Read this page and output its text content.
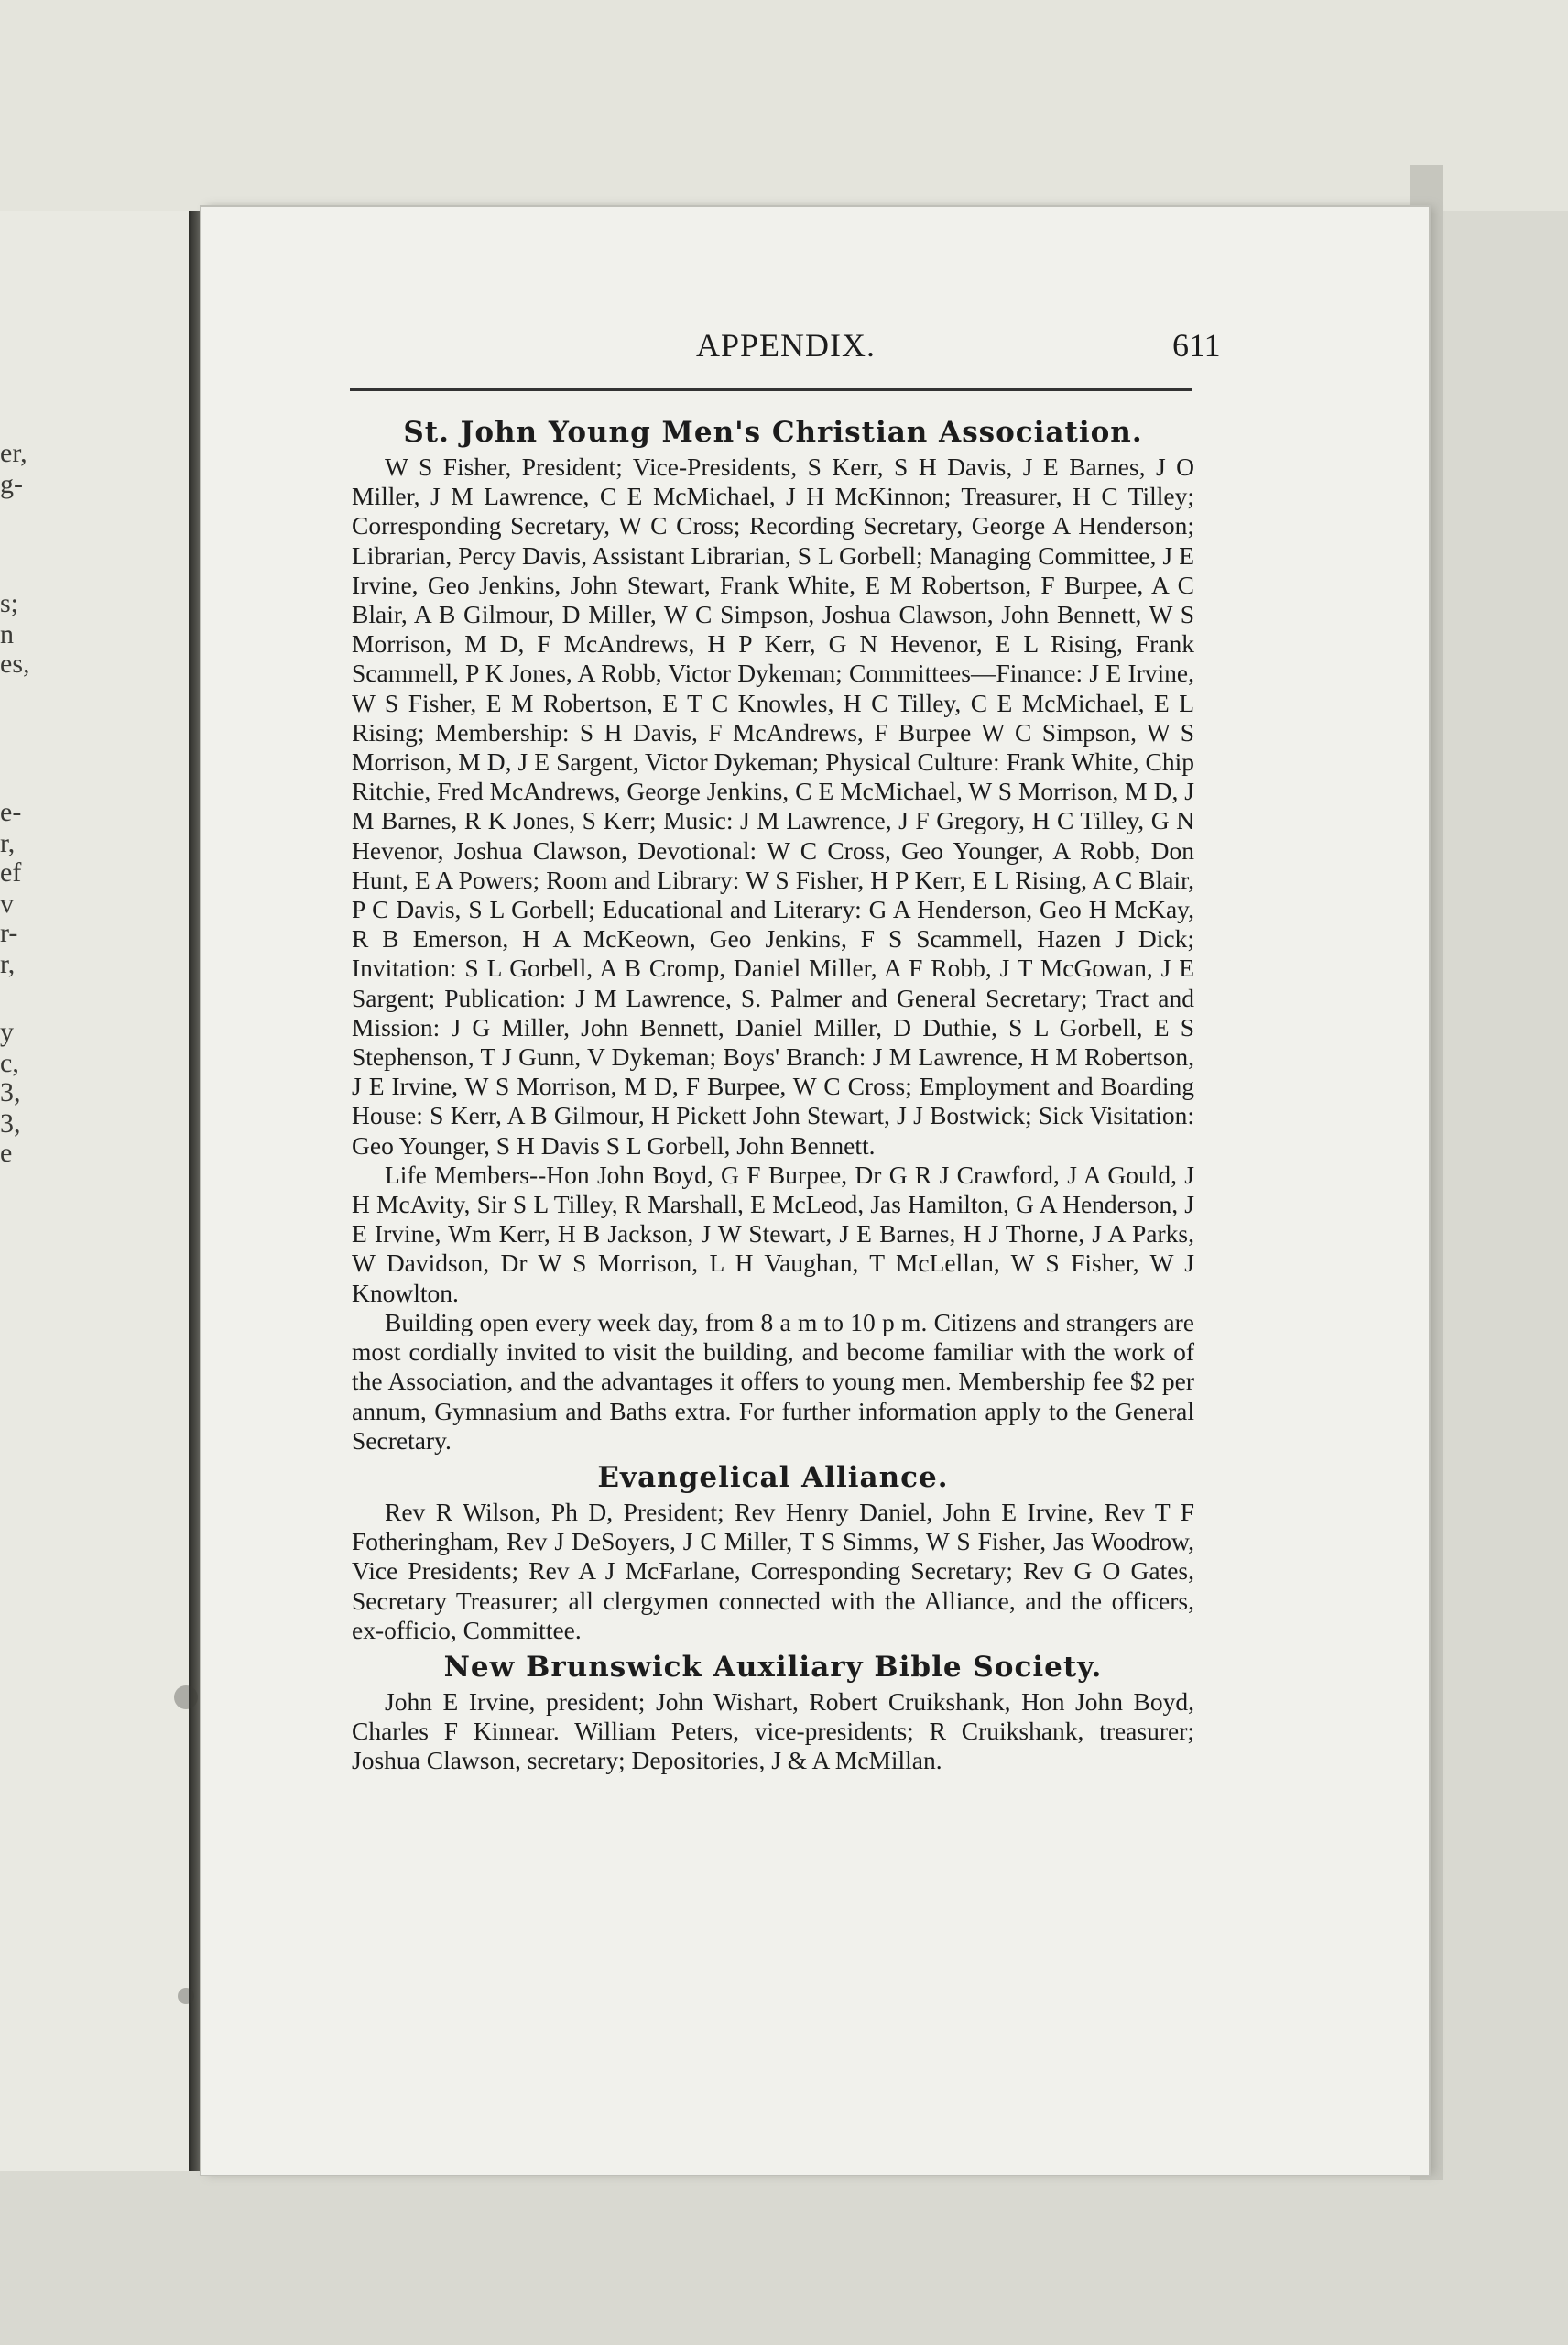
er,
g-
s;
n
es,
e-
r,
ef
v
r-
r,
y
c,
3,
3,
e
APPENDIX.	611
St. John Young Men's Christian Association.

W S Fisher, President; Vice-Presidents, S Kerr, S H Davis, J E Barnes, J O Miller, J M Lawrence, C E McMichael, J H McKinnon; Treasurer, H C Tilley; Corresponding Secretary, W C Cross; Recording Secretary, George A Henderson; Librarian, Percy Davis, Assistant Librarian, S L Gorbell; Managing Committee, J E Irvine, Geo Jenkins, John Stewart, Frank White, E M Robertson, F Burpee, A C Blair, A B Gilmour, D Miller, W C Simpson, Joshua Clawson, John Bennett, W S Morrison, M D, F McAndrews, H P Kerr, G N Hevenor, E L Rising, Frank Scammell, P K Jones, A Robb, Victor Dykeman; Committees—Finance: J E Irvine, W S Fisher, E M Robertson, E T C Knowles, H C Tilley, C E McMichael, E L Rising; Membership: S H Davis, F McAndrews, F Burpee W C Simpson, W S Morrison, M D, J E Sargent, Victor Dykeman; Physical Culture: Frank White, Chip Ritchie, Fred McAndrews, George Jenkins, C E McMichael, W S Morrison, M D, J M Barnes, R K Jones, S Kerr; Music: J M Lawrence, J F Gregory, H C Tilley, G N Hevenor, Joshua Clawson, Devotional: W C Cross, Geo Younger, A Robb, Don Hunt, E A Powers; Room and Library: W S Fisher, H P Kerr, E L Rising, A C Blair, P C Davis, S L Gorbell; Educational and Literary: G A Henderson, Geo H McKay, R B Emerson, H A McKeown, Geo Jenkins, F S Scammell, Hazen J Dick; Invitation: S L Gorbell, A B Cromp, Daniel Miller, A F Robb, J T McGowan, J E Sargent; Publication: J M Lawrence, S. Palmer and General Secretary; Tract and Mission: J G Miller, John Bennett, Daniel Miller, D Duthie, S L Gorbell, E S Stephenson, T J Gunn, V Dykeman; Boys' Branch: J M Lawrence, H M Robertson, J E Irvine, W S Morrison, M D, F Burpee, W C Cross; Employment and Boarding House: S Kerr, A B Gilmour, H Pickett John Stewart, J J Bostwick; Sick Visitation: Geo Younger, S H Davis S L Gorbell, John Bennett.

Life Members--Hon John Boyd, G F Burpee, Dr G R J Crawford, J A Gould, J H McAvity, Sir S L Tilley, R Marshall, E McLeod, Jas Hamilton, G A Henderson, J E Irvine, Wm Kerr, H B Jackson, J W Stewart, J E Barnes, H J Thorne, J A Parks, W Davidson, Dr W S Morrison, L H Vaughan, T McLellan, W S Fisher, W J Knowlton.

Building open every week day, from 8 a m to 10 p m. Citizens and strangers are most cordially invited to visit the building, and become familiar with the work of the Association, and the advantages it offers to young men. Membership fee $2 per annum, Gymnasium and Baths extra. For further information apply to the General Secretary.

Evangelical Alliance.

Rev R Wilson, Ph D, President; Rev Henry Daniel, John E Irvine, Rev T F Fotheringham, Rev J DeSoyers, J C Miller, T S Simms, W S Fisher, Jas Woodrow, Vice Presidents; Rev A J McFarlane, Corresponding Secretary; Rev G O Gates, Secretary Treasurer; all clergymen connected with the Alliance, and the officers, ex-officio, Committee.

New Brunswick Auxiliary Bible Society.

John E Irvine, president; John Wishart, Robert Cruikshank, Hon John Boyd, Charles F Kinnear. William Peters, vice-presidents; R Cruikshank, treasurer; Joshua Clawson, secretary; Depositories, J & A McMillan.
